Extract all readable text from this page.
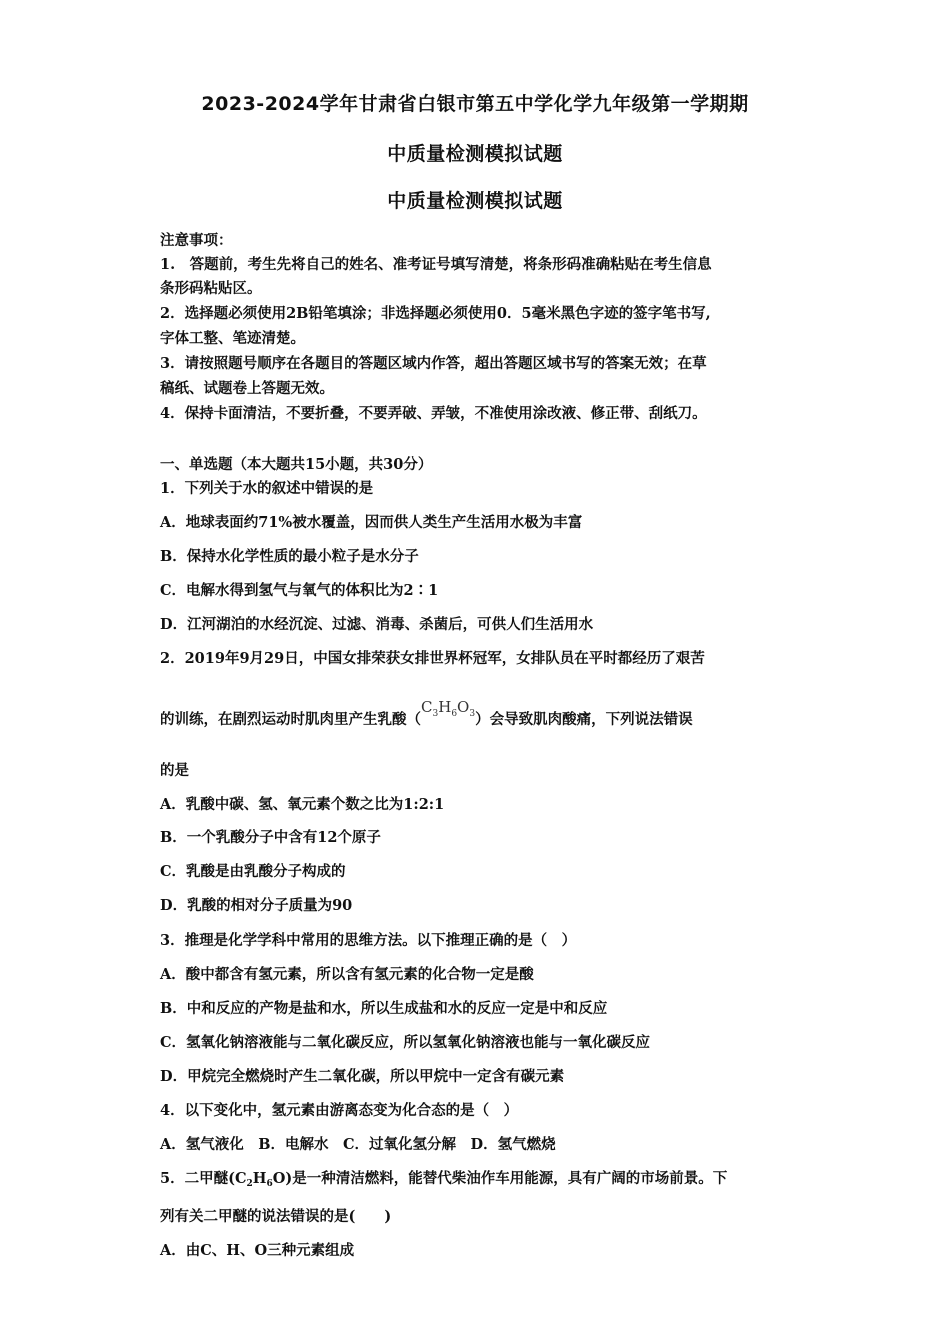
2023-2024学年甘肃省白银市第五中学化学九年级第一学期期
中质量检测模拟试题
中质量检测模拟试题
注意事项：
1.　答题前，考生先将自己的姓名、准考证号填写清楚，将条形码准确粘贴在考生信息
条形码粘贴区。
2．选择题必须使用2B铅笔填涂；非选择题必须使用0．5毫米黑色字迹的签字笔书写,
字体工整、笔迹清楚。
3．请按照题号顺序在各题目的答题区域内作答，超出答题区域书写的答案无效；在草
稿纸、试题卷上答题无效。
4．保持卡面清洁，不要折叠，不要弄破、弄皱，不准使用涂改液、修正带、刮纸刀。
一、单选题（本大题共15小题，共30分）
1．下列关于水的叙述中错误的是
A．地球表面约71%被水覆盖，因而供人类生产生活用水极为丰富
B．保持水化学性质的最小粒子是水分子
C．电解水得到氢气与氧气的体积比为2∶1
D．江河湖泊的水经沉淀、过滤、消毒、杀菌后，可供人们生活用水
2．2019年9月29日，中国女排荣获女排世界杯冠军，女排队员在平时都经历了艰苦
的训练，在剧烈运动时肌肉里产生乳酸$(C_3H_6O_3)$会导致肌肉酸痛，下列说法错误
的是
A．乳酸中碳、氢、氧元素个数之比为1:2:1
B．一个乳酸分子中含有12个原子
C．乳酸是由乳酸分子构成的
D．乳酸的相对分子质量为90
3．推理是化学学科中常用的思维方法。以下推理正确的是（　）
A．酸中都含有氢元素，所以含有氢元素的化合物一定是酸
B．中和反应的产物是盐和水，所以生成盐和水的反应一定是中和反应
C．氢氧化钠溶液能与二氧化碳反应，所以氢氧化钠溶液也能与一氧化碳反应
D．甲烷完全燃烧时产生二氧化碳，所以甲烷中一定含有碳元素
4．以下变化中，氢元素由游离态变为化合态的是（　）
A．氢气液化　B．电解水　C．过氧化氢分解　D．氢气燃烧
5．二甲醚$(C_2H_6O)$是一种清洁燃料，能替代柴油作车用能源，具有广阔的市场前景。下
列有关二甲醚的说法错误的是(　　)
A．由C、H、O三种元素组成
